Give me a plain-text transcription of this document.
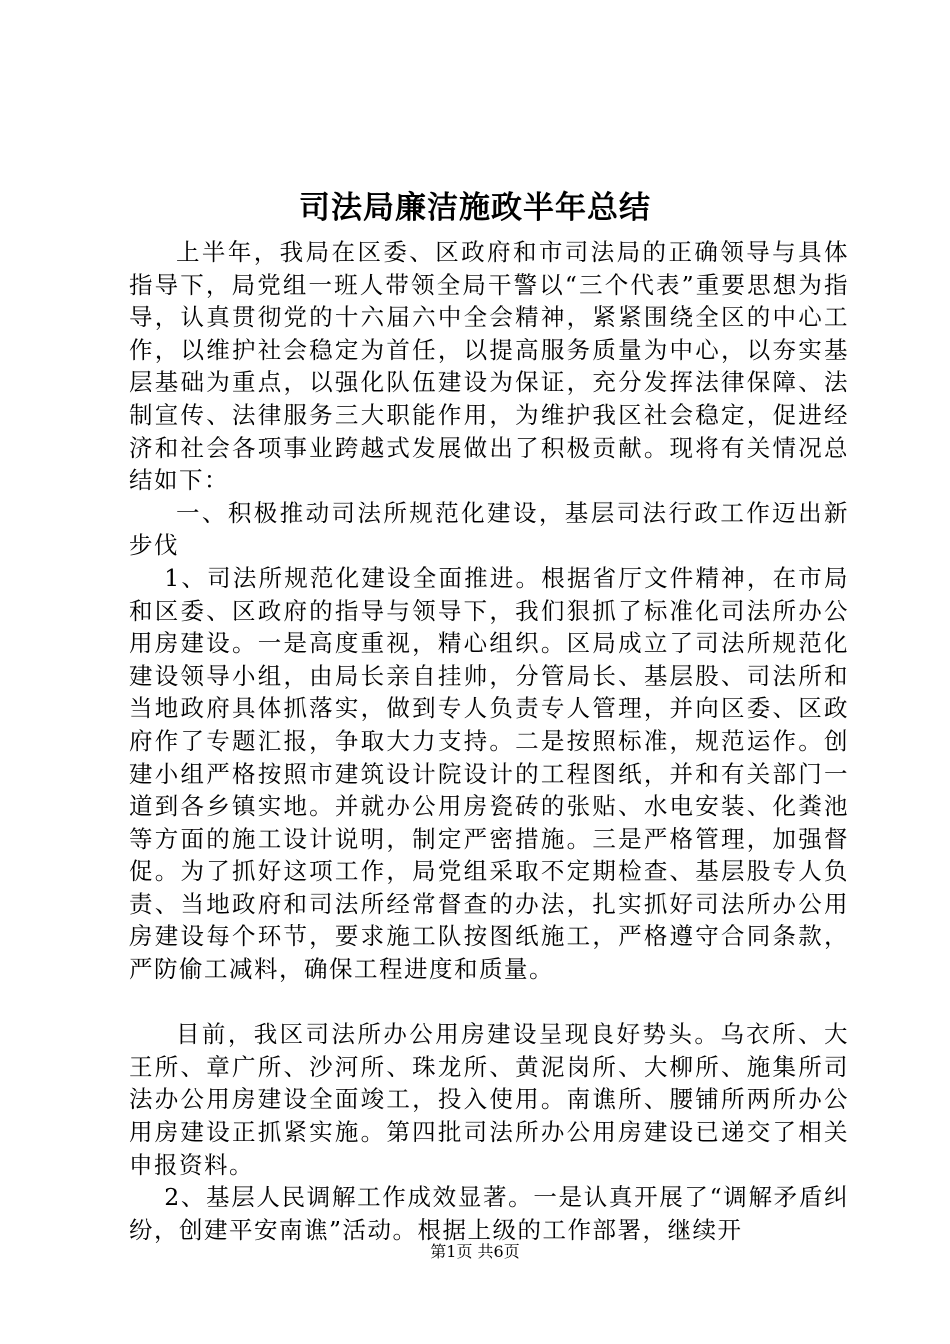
司法局廉洁施政半年总结

上半年，我局在区委、区政府和市司法局的正确领导与具体指导下，局党组一班人带领全局干警以“三个代表”重要思想为指导，认真贯彻党的十六届六中全会精神，紧紧围绕全区的中心工作，以维护社会稳定为首任，以提高服务质量为中心，以夯实基层基础为重点，以强化队伍建设为保证，充分发挥法律保障、法制宣传、法律服务三大职能作用，为维护我区社会稳定，促进经济和社会各项事业跨越式发展做出了积极贡献。现将有关情况总结如下：

一、积极推动司法所规范化建设，基层司法行政工作迈出新步伐

1、司法所规范化建设全面推进。根据省厅文件精神，在市局和区委、区政府的指导与领导下，我们狠抓了标准化司法所办公用房建设。一是高度重视，精心组织。区局成立了司法所规范化建设领导小组，由局长亲自挂帅，分管局长、基层股、司法所和当地政府具体抓落实，做到专人负责专人管理，并向区委、区政府作了专题汇报，争取大力支持。二是按照标准，规范运作。创建小组严格按照市建筑设计院设计的工程图纸，并和有关部门一道到各乡镇实地。并就办公用房瓷砖的张贴、水电安装、化粪池等方面的施工设计说明，制定严密措施。三是严格管理，加强督促。为了抓好这项工作，局党组采取不定期检查、基层股专人负责、当地政府和司法所经常督查的办法，扎实抓好司法所办公用房建设每个环节，要求施工队按图纸施工，严格遵守合同条款，严防偷工减料，确保工程进度和质量。

目前，我区司法所办公用房建设呈现良好势头。乌衣所、大王所、章广所、沙河所、珠龙所、黄泥岗所、大柳所、施集所司法办公用房建设全面竣工，投入使用。南谯所、腰铺所两所办公用房建设正抓紧实施。第四批司法所办公用房建设已递交了相关申报资料。

2、基层人民调解工作成效显著。一是认真开展了“调解矛盾纠纷，创建平安南谯”活动。根据上级的工作部署，继续开

第1页 共6页
